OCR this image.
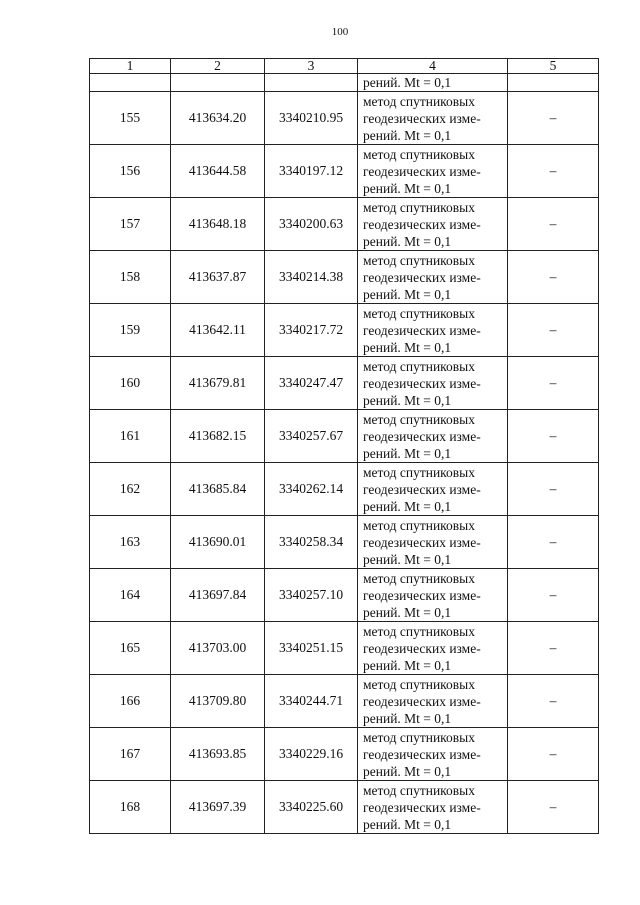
100
1	2	3	4	5
			рений. Mt = 0,1	
155	413634.20	3340210.95	метод спутниковых
геодезических изме-
рений. Mt = 0,1	–
156	413644.58	3340197.12	метод спутниковых
геодезических изме-
рений. Mt = 0,1	–
157	413648.18	3340200.63	метод спутниковых
геодезических изме-
рений. Mt = 0,1	–
158	413637.87	3340214.38	метод спутниковых
геодезических изме-
рений. Mt = 0,1	–
159	413642.11	3340217.72	метод спутниковых
геодезических изме-
рений. Mt = 0,1	–
160	413679.81	3340247.47	метод спутниковых
геодезических изме-
рений. Mt = 0,1	–
161	413682.15	3340257.67	метод спутниковых
геодезических изме-
рений. Mt = 0,1	–
162	413685.84	3340262.14	метод спутниковых
геодезических изме-
рений. Mt = 0,1	–
163	413690.01	3340258.34	метод спутниковых
геодезических изме-
рений. Mt = 0,1	–
164	413697.84	3340257.10	метод спутниковых
геодезических изме-
рений. Mt = 0,1	–
165	413703.00	3340251.15	метод спутниковых
геодезических изме-
рений. Mt = 0,1	–
166	413709.80	3340244.71	метод спутниковых
геодезических изме-
рений. Mt = 0,1	–
167	413693.85	3340229.16	метод спутниковых
геодезических изме-
рений. Mt = 0,1	–
168	413697.39	3340225.60	метод спутниковых
геодезических изме-
рений. Mt = 0,1	–
